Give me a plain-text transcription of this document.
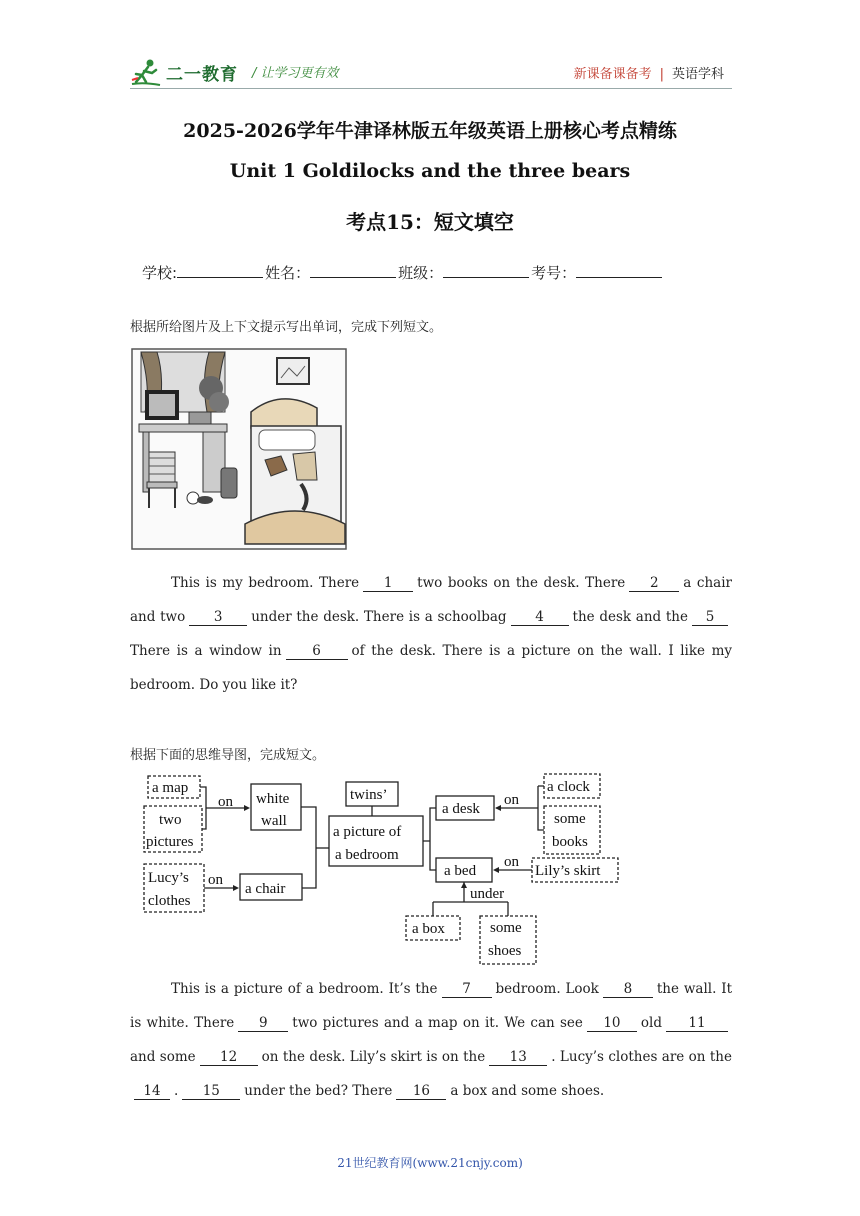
二一教育 / 让学习更有效	新课备课备考 | 英语学科
2025-2026学年牛津译林版五年级英语上册核心考点精练
Unit 1 Goldilocks and the three bears
考点15：短文填空
学校:	姓名：	班级：	考号：
根据所给图片及上下文提示写出单词，完成下列短文。

This is my bedroom. There 1 two books on the desk. There 2 a chair and two 3 under the desk. There is a schoolbag 4 the desk and the 5There is a window in 6 of the desk. There is a picture on the wall. I like my bedroom. Do you like it?

根据下面的思维导图，完成短文。
a map
two
pictures
on white
wall
Lucy’s
clothes
on
a chair
twins’
a picture of
a bedroom
a desk
on
a clock
some
books
a bed
on
Lily’s skirt
under
a box	some
shoes

This is a picture of a bedroom. It’s the 7 bedroom. Look 8 the wall. It is white. There 9 two pictures and a map on it. We can see 10 old 11and some 12 on the desk. Lily’s skirt is on the 13 . Lucy’s clothes are on the14 . 15 under the bed? There 16 a box and some shoes.

21世纪教育网(www.21cnjy.com)
